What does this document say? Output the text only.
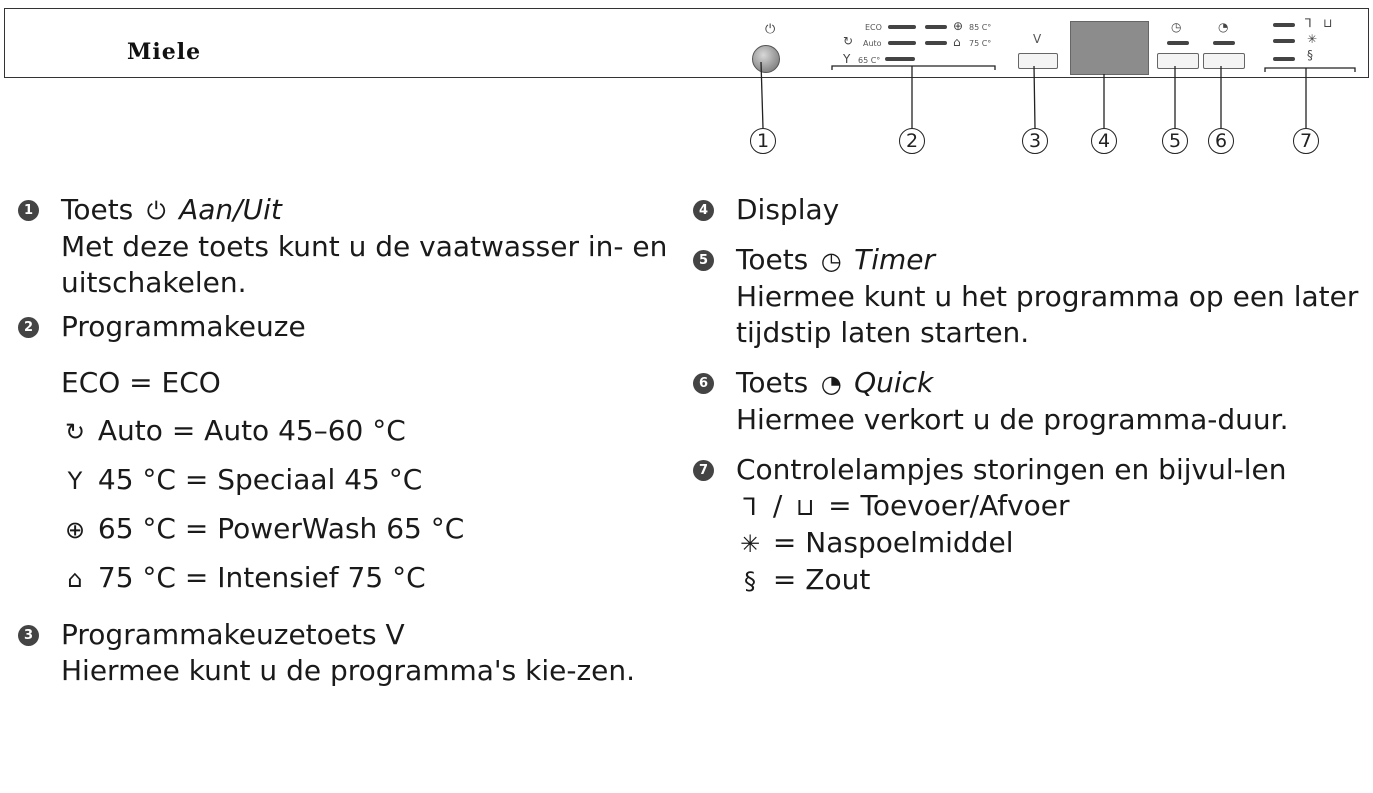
Miele
⏻	ECO
↻ Auto
Y 65 C°
⊕
⌂
85 C°
75 C°	V
◷	◔	⅂ ⊔
✳
§
1	2	3	4	5	6	7
1 Toets ⏻ Aan/Uit
Met deze toets kunt u de vaatwasser in- en uitschakelen.
2 Programmakeuze
ECO = ECO
↻ Auto = Auto 45–60 °C
Y 45 °C = Speciaal 45 °C
⊕ 65 °C = PowerWash 65 °C
⌂ 75 °C = Intensief 75 °C
3 Programmakeuzetoets V
Hiermee kunt u de programma's kie-zen.
4 Display
5 Toets ◷ Timer
Hiermee kunt u het programma op een later tijdstip laten starten.
6 Toets ◔ Quick
Hiermee verkort u de programma-duur.
7 Controlelampjes storingen en bijvul-len
⅂ / ⊔ = Toevoer/Afvoer
✳ = Naspoelmiddel
§ = Zout
